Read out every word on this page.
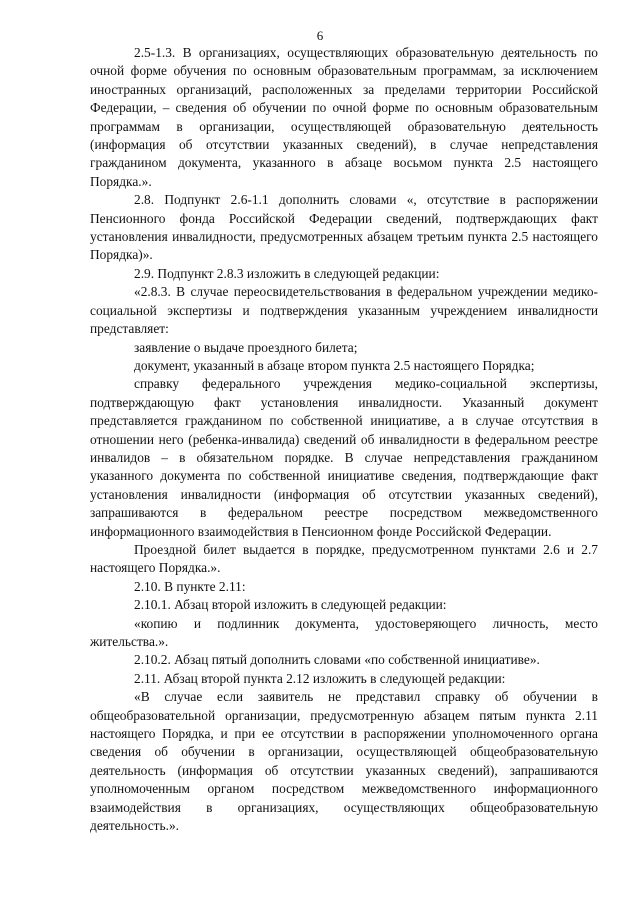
6

2.5-1.3. В организациях, осуществляющих образовательную деятельность по очной форме обучения по основным образовательным программам, за исключением иностранных организаций, расположенных за пределами территории Российской Федерации, – сведения об обучении по очной форме по основным образовательным программам в организации, осуществляющей образовательную деятельность (информация об отсутствии указанных сведений), в случае непредставления гражданином документа, указанного в абзаце восьмом пункта 2.5 настоящего Порядка.».

2.8. Подпункт 2.6-1.1 дополнить словами «, отсутствие в распоряжении Пенсионного фонда Российской Федерации сведений, подтверждающих факт установления инвалидности, предусмотренных абзацем третьим пункта 2.5 настоящего Порядка)».

2.9. Подпункт 2.8.3 изложить в следующей редакции:

«2.8.3. В случае переосвидетельствования в федеральном учреждении медико-социальной экспертизы и подтверждения указанным учреждением инвалидности представляет:

заявление о выдаче проездного билета;

документ, указанный в абзаце втором пункта 2.5 настоящего Порядка;

справку федерального учреждения медико-социальной экспертизы, подтверждающую факт установления инвалидности. Указанный документ представляется гражданином по собственной инициативе, а в случае отсутствия в отношении него (ребенка-инвалида) сведений об инвалидности в федеральном реестре инвалидов – в обязательном порядке. В случае непредставления гражданином указанного документа по собственной инициативе сведения, подтверждающие факт установления инвалидности (информация об отсутствии указанных сведений), запрашиваются в федеральном реестре посредством межведомственного информационного взаимодействия в Пенсионном фонде Российской Федерации.

Проездной билет выдается в порядке, предусмотренном пунктами 2.6 и 2.7 настоящего Порядка.».

2.10. В пункте 2.11:

2.10.1. Абзац второй изложить в следующей редакции:

«копию и подлинник документа, удостоверяющего личность, место жительства.».

2.10.2. Абзац пятый дополнить словами «по собственной инициативе».

2.11. Абзац второй пункта 2.12 изложить в следующей редакции:

«В случае если заявитель не представил справку об обучении в общеобразовательной организации, предусмотренную абзацем пятым пункта 2.11 настоящего Порядка, и при ее отсутствии в распоряжении уполномоченного органа сведения об обучении в организации, осуществляющей общеобразовательную деятельность (информация об отсутствии указанных сведений), запрашиваются уполномоченным органом посредством межведомственного информационного взаимодействия в организациях, осуществляющих общеобразовательную деятельность.».
